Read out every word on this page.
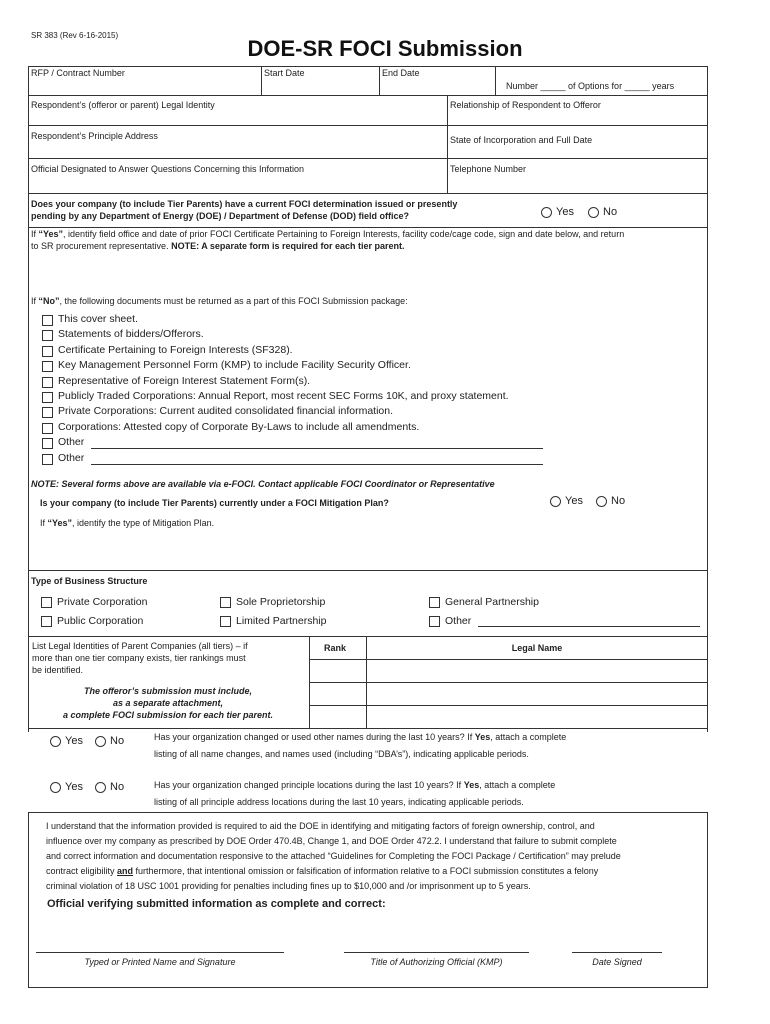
SR 383 (Rev 6-16-2015)
DOE-SR FOCI Submission
RFP / Contract Number	Start Date	End Date
Number _____ of Options for _____ years
Respondent’s (offeror or parent) Legal Identity	Relationship of Respondent to Offeror
Respondent’s Principle Address	State of Incorporation and Full Date
Official Designated to Answer Questions Concerning this Information	Telephone Number
Does your company (to include Tier Parents) have a current FOCI determination issued or presently
pending by any Department of Energy (DOE) / Department of Defense (DOD) field office?	Yes	No
If “Yes”, identify field office and date of prior FOCI Certificate Pertaining to Foreign Interests, facility code/cage code, sign and date below, and return
to SR procurement representative. NOTE: A separate form is required for each tier parent.
If “No”, the following documents must be returned as a part of this FOCI Submission package:
This cover sheet.
Statements of bidders/Offerors.
Certificate Pertaining to Foreign Interests (SF328).
Key Management Personnel Form (KMP) to include Facility Security Officer.
Representative of Foreign Interest Statement Form(s).
Publicly Traded Corporations: Annual Report, most recent SEC Forms 10K, and proxy statement.
Private Corporations: Current audited consolidated financial information.
Corporations: Attested copy of Corporate By-Laws to include all amendments.
Other
Other
NOTE: Several forms above are available via e-FOCI. Contact applicable FOCI Coordinator or Representative
Is your company (to include Tier Parents) currently under a FOCI Mitigation Plan?	Yes	No
If “Yes”, identify the type of Mitigation Plan.
Type of Business Structure
Private Corporation	Sole Proprietorship	General Partnership
Public Corporation	Limited Partnership	Other
List Legal Identities of Parent Companies (all tiers) – if
more than one tier company exists, tier rankings must
be identified.
The offeror’s submission must include,
as a separate attachment,
a complete FOCI submission for each tier parent.
Rank	Legal Name
Yes No	Has your organization changed or used other names during the last 10 years? If Yes, attach a complete
listing of all name changes, and names used (including “DBA’s”), indicating applicable periods.
Yes No	Has your organization changed principle locations during the last 10 years? If Yes, attach a complete
listing of all principle address locations during the last 10 years, indicating applicable periods.
I understand that the information provided is required to aid the DOE in identifying and mitigating factors of foreign ownership, control, and
influence over my company as prescribed by DOE Order 470.4B, Change 1, and DOE Order 472.2. I understand that failure to submit complete
and correct information and documentation responsive to the attached “Guidelines for Completing the FOCI Package / Certification” may prelude
contract eligibility and furthermore, that intentional omission or falsification of information relative to a FOCI submission constitutes a felony
criminal violation of 18 USC 1001 providing for penalties including fines up to $10,000 and /or imprisonment up to 5 years.
Official verifying submitted information as complete and correct:
Typed or Printed Name and Signature	Title of Authorizing Official (KMP)	Date Signed
